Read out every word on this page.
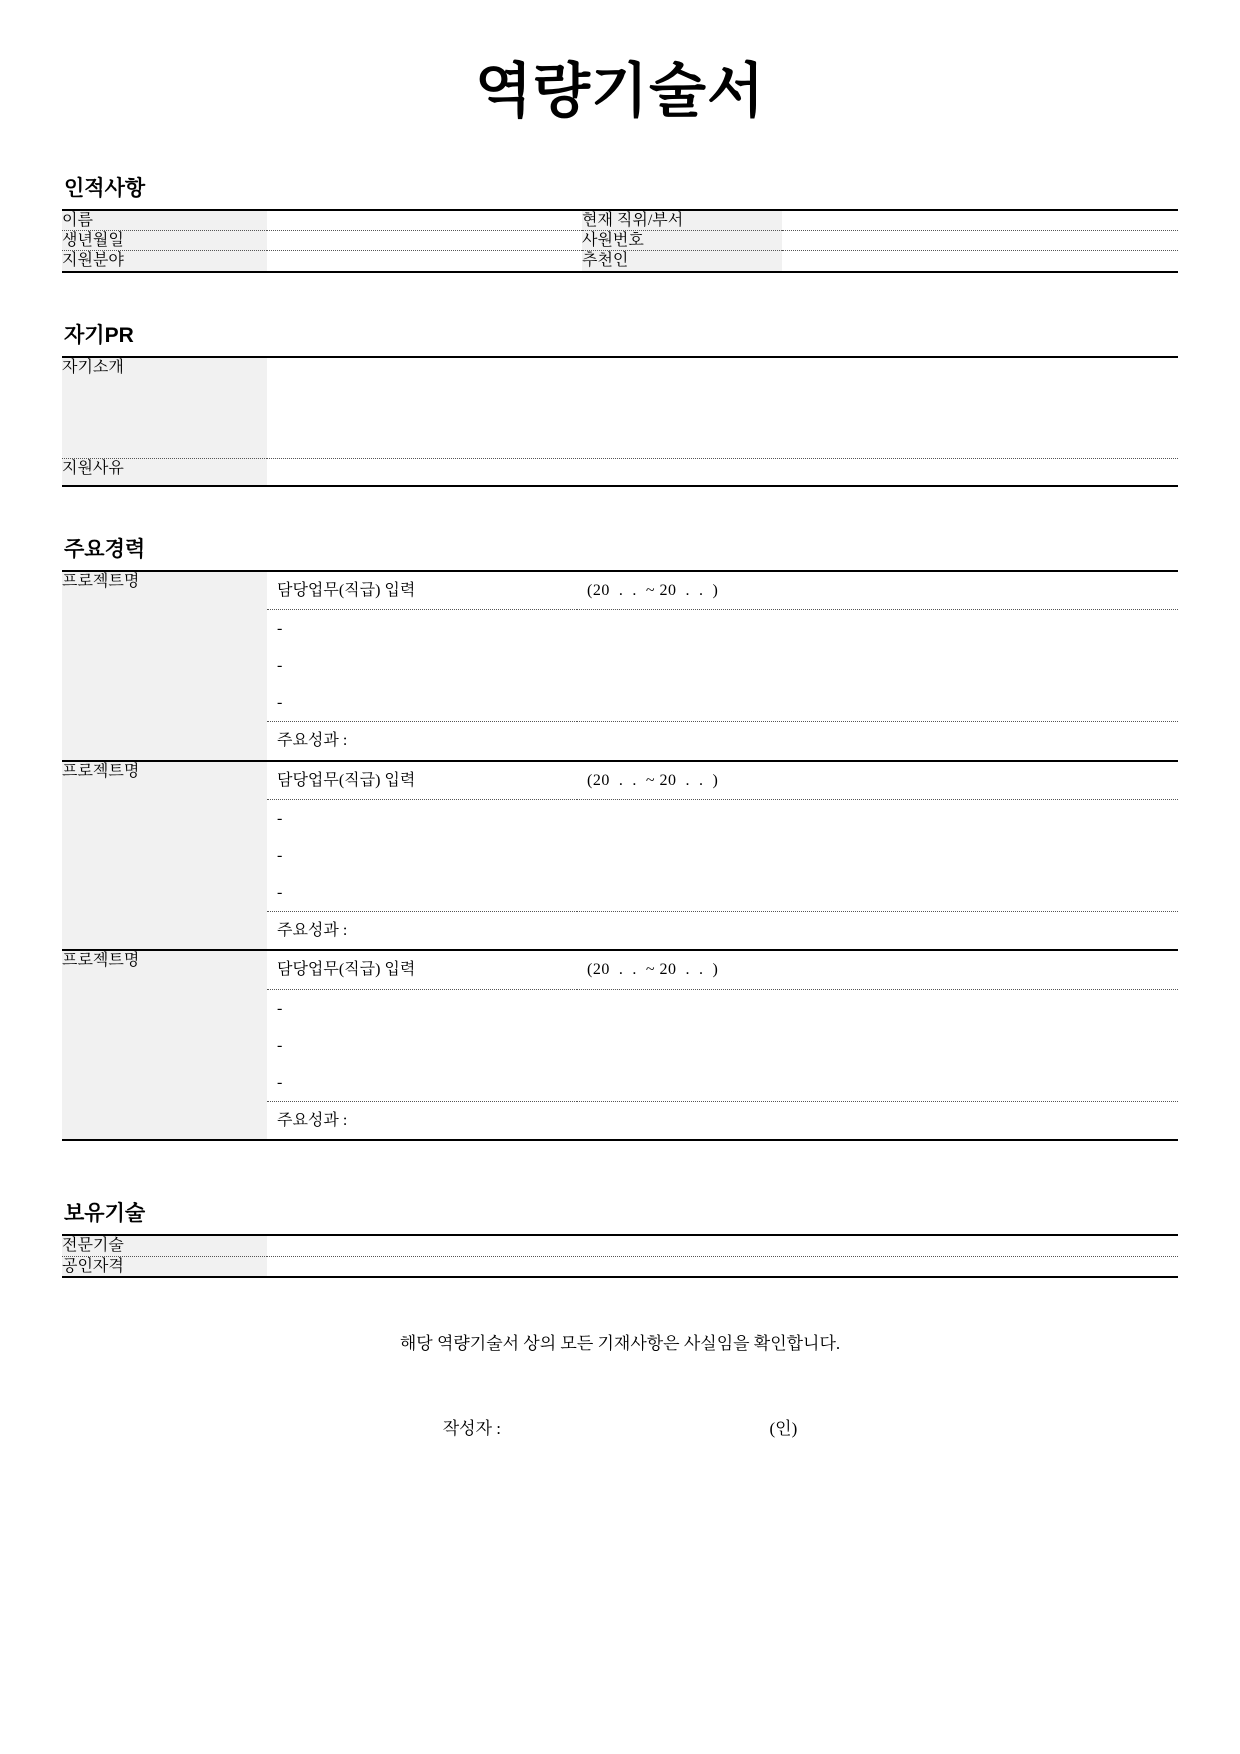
역량기술서
인적사항
이름		현재 직위/부서	
생년월일		사원번호	
지원분야		추천인	
자기PR
자기소개	
지원사유	
주요경력
프로젝트명	
담당업무(직급) 입력	(20  .  .  ~ 20  .  .  )
-
-
-
주요성과 :

프로젝트명	
담당업무(직급) 입력	(20  .  .  ~ 20  .  .  )
-
-
-
주요성과 :

프로젝트명	
담당업무(직급) 입력	(20  .  .  ~ 20  .  .  )
-
-
-
주요성과 :
보유기술
전문기술	
공인자격	
해당 역량기술서 상의 모든 기재사항은 사실임을 확인합니다.
작성자 :	(인)
